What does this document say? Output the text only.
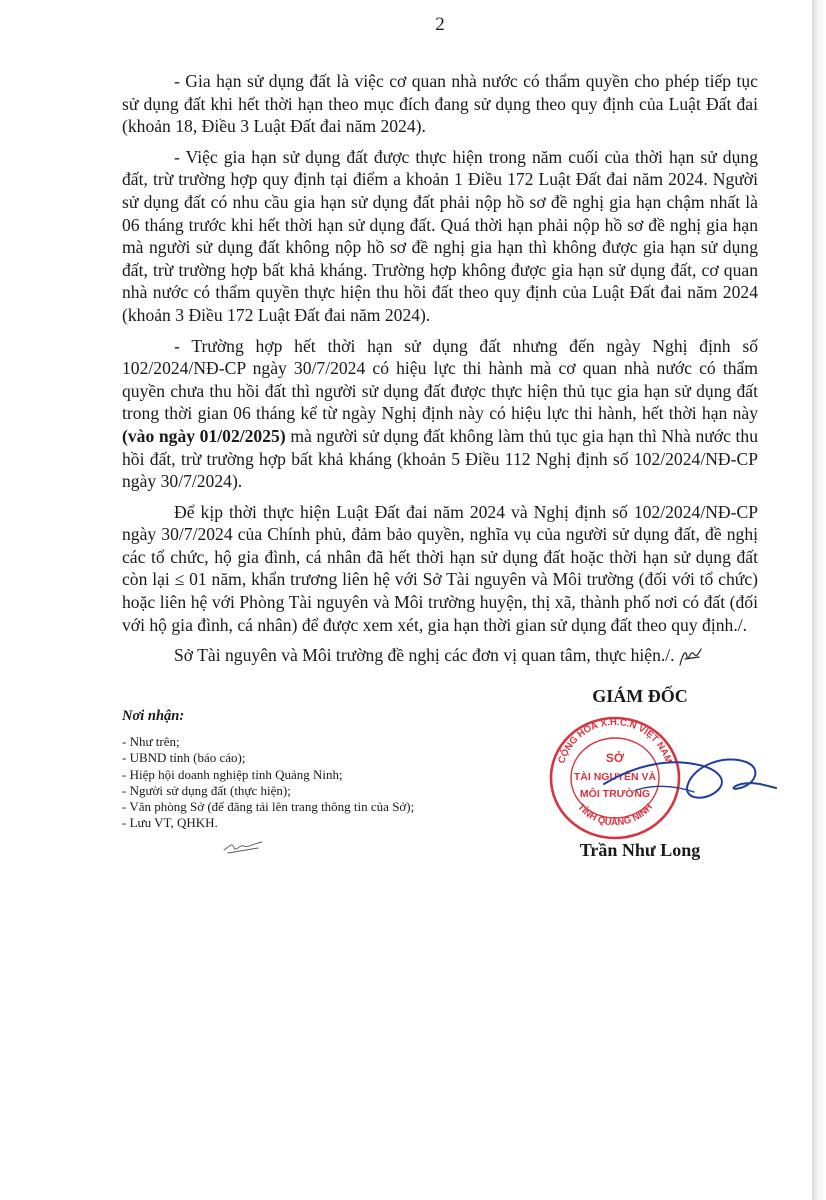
2

- Gia hạn sử dụng đất là việc cơ quan nhà nước có thẩm quyền cho phép tiếp tục sử dụng đất khi hết thời hạn theo mục đích đang sử dụng theo quy định của Luật Đất đai (khoản 18, Điều 3 Luật Đất đai năm 2024).

- Việc gia hạn sử dụng đất được thực hiện trong năm cuối của thời hạn sử dụng đất, trừ trường hợp quy định tại điểm a khoản 1 Điều 172 Luật Đất đai năm 2024. Người sử dụng đất có nhu cầu gia hạn sử dụng đất phải nộp hồ sơ đề nghị gia hạn chậm nhất là 06 tháng trước khi hết thời hạn sử dụng đất. Quá thời hạn phải nộp hồ sơ đề nghị gia hạn mà người sử dụng đất không nộp hồ sơ đề nghị gia hạn thì không được gia hạn sử dụng đất, trừ trường hợp bất khả kháng. Trường hợp không được gia hạn sử dụng đất, cơ quan nhà nước có thẩm quyền thực hiện thu hồi đất theo quy định của Luật Đất đai năm 2024 (khoản 3 Điều 172 Luật Đất đai năm 2024).

- Trường hợp hết thời hạn sử dụng đất nhưng đến ngày Nghị định số 102/2024/NĐ-CP ngày 30/7/2024 có hiệu lực thi hành mà cơ quan nhà nước có thẩm quyền chưa thu hồi đất thì người sử dụng đất được thực hiện thủ tục gia hạn sử dụng đất trong thời gian 06 tháng kể từ ngày Nghị định này có hiệu lực thi hành, hết thời hạn này (vào ngày 01/02/2025) mà người sử dụng đất không làm thủ tục gia hạn thì Nhà nước thu hồi đất, trừ trường hợp bất khả kháng (khoản 5 Điều 112 Nghị định số 102/2024/NĐ-CP ngày 30/7/2024).

Để kịp thời thực hiện Luật Đất đai năm 2024 và Nghị định số 102/2024/NĐ-CP ngày 30/7/2024 của Chính phủ, đảm bảo quyền, nghĩa vụ của người sử dụng đất, đề nghị các tổ chức, hộ gia đình, cá nhân đã hết thời hạn sử dụng đất hoặc thời hạn sử dụng đất còn lại ≤ 01 năm, khẩn trương liên hệ với Sở Tài nguyên và Môi trường (đối với tổ chức) hoặc liên hệ với Phòng Tài nguyên và Môi trường huyện, thị xã, thành phố nơi có đất (đối với hộ gia đình, cá nhân) để được xem xét, gia hạn thời gian sử dụng đất theo quy định./.

Sở Tài nguyên và Môi trường đề nghị các đơn vị quan tâm, thực hiện./.

Nơi nhận:
- Như trên;
- UBND tỉnh (báo cáo);
- Hiệp hội doanh nghiệp tỉnh Quảng Ninh;
- Người sử dụng đất (thực hiện);
- Văn phòng Sở (để đăng tải lên trang thông tin của Sở);
- Lưu VT, QHKH.
GIÁM ĐỐC
CỘNG HOÀ X.H.C.N VIỆT NAM
TỈNH QUẢNG NINH
SỞ
TÀI NGUYÊN VÀ
MÔI TRƯỜNG
Trần Như Long
